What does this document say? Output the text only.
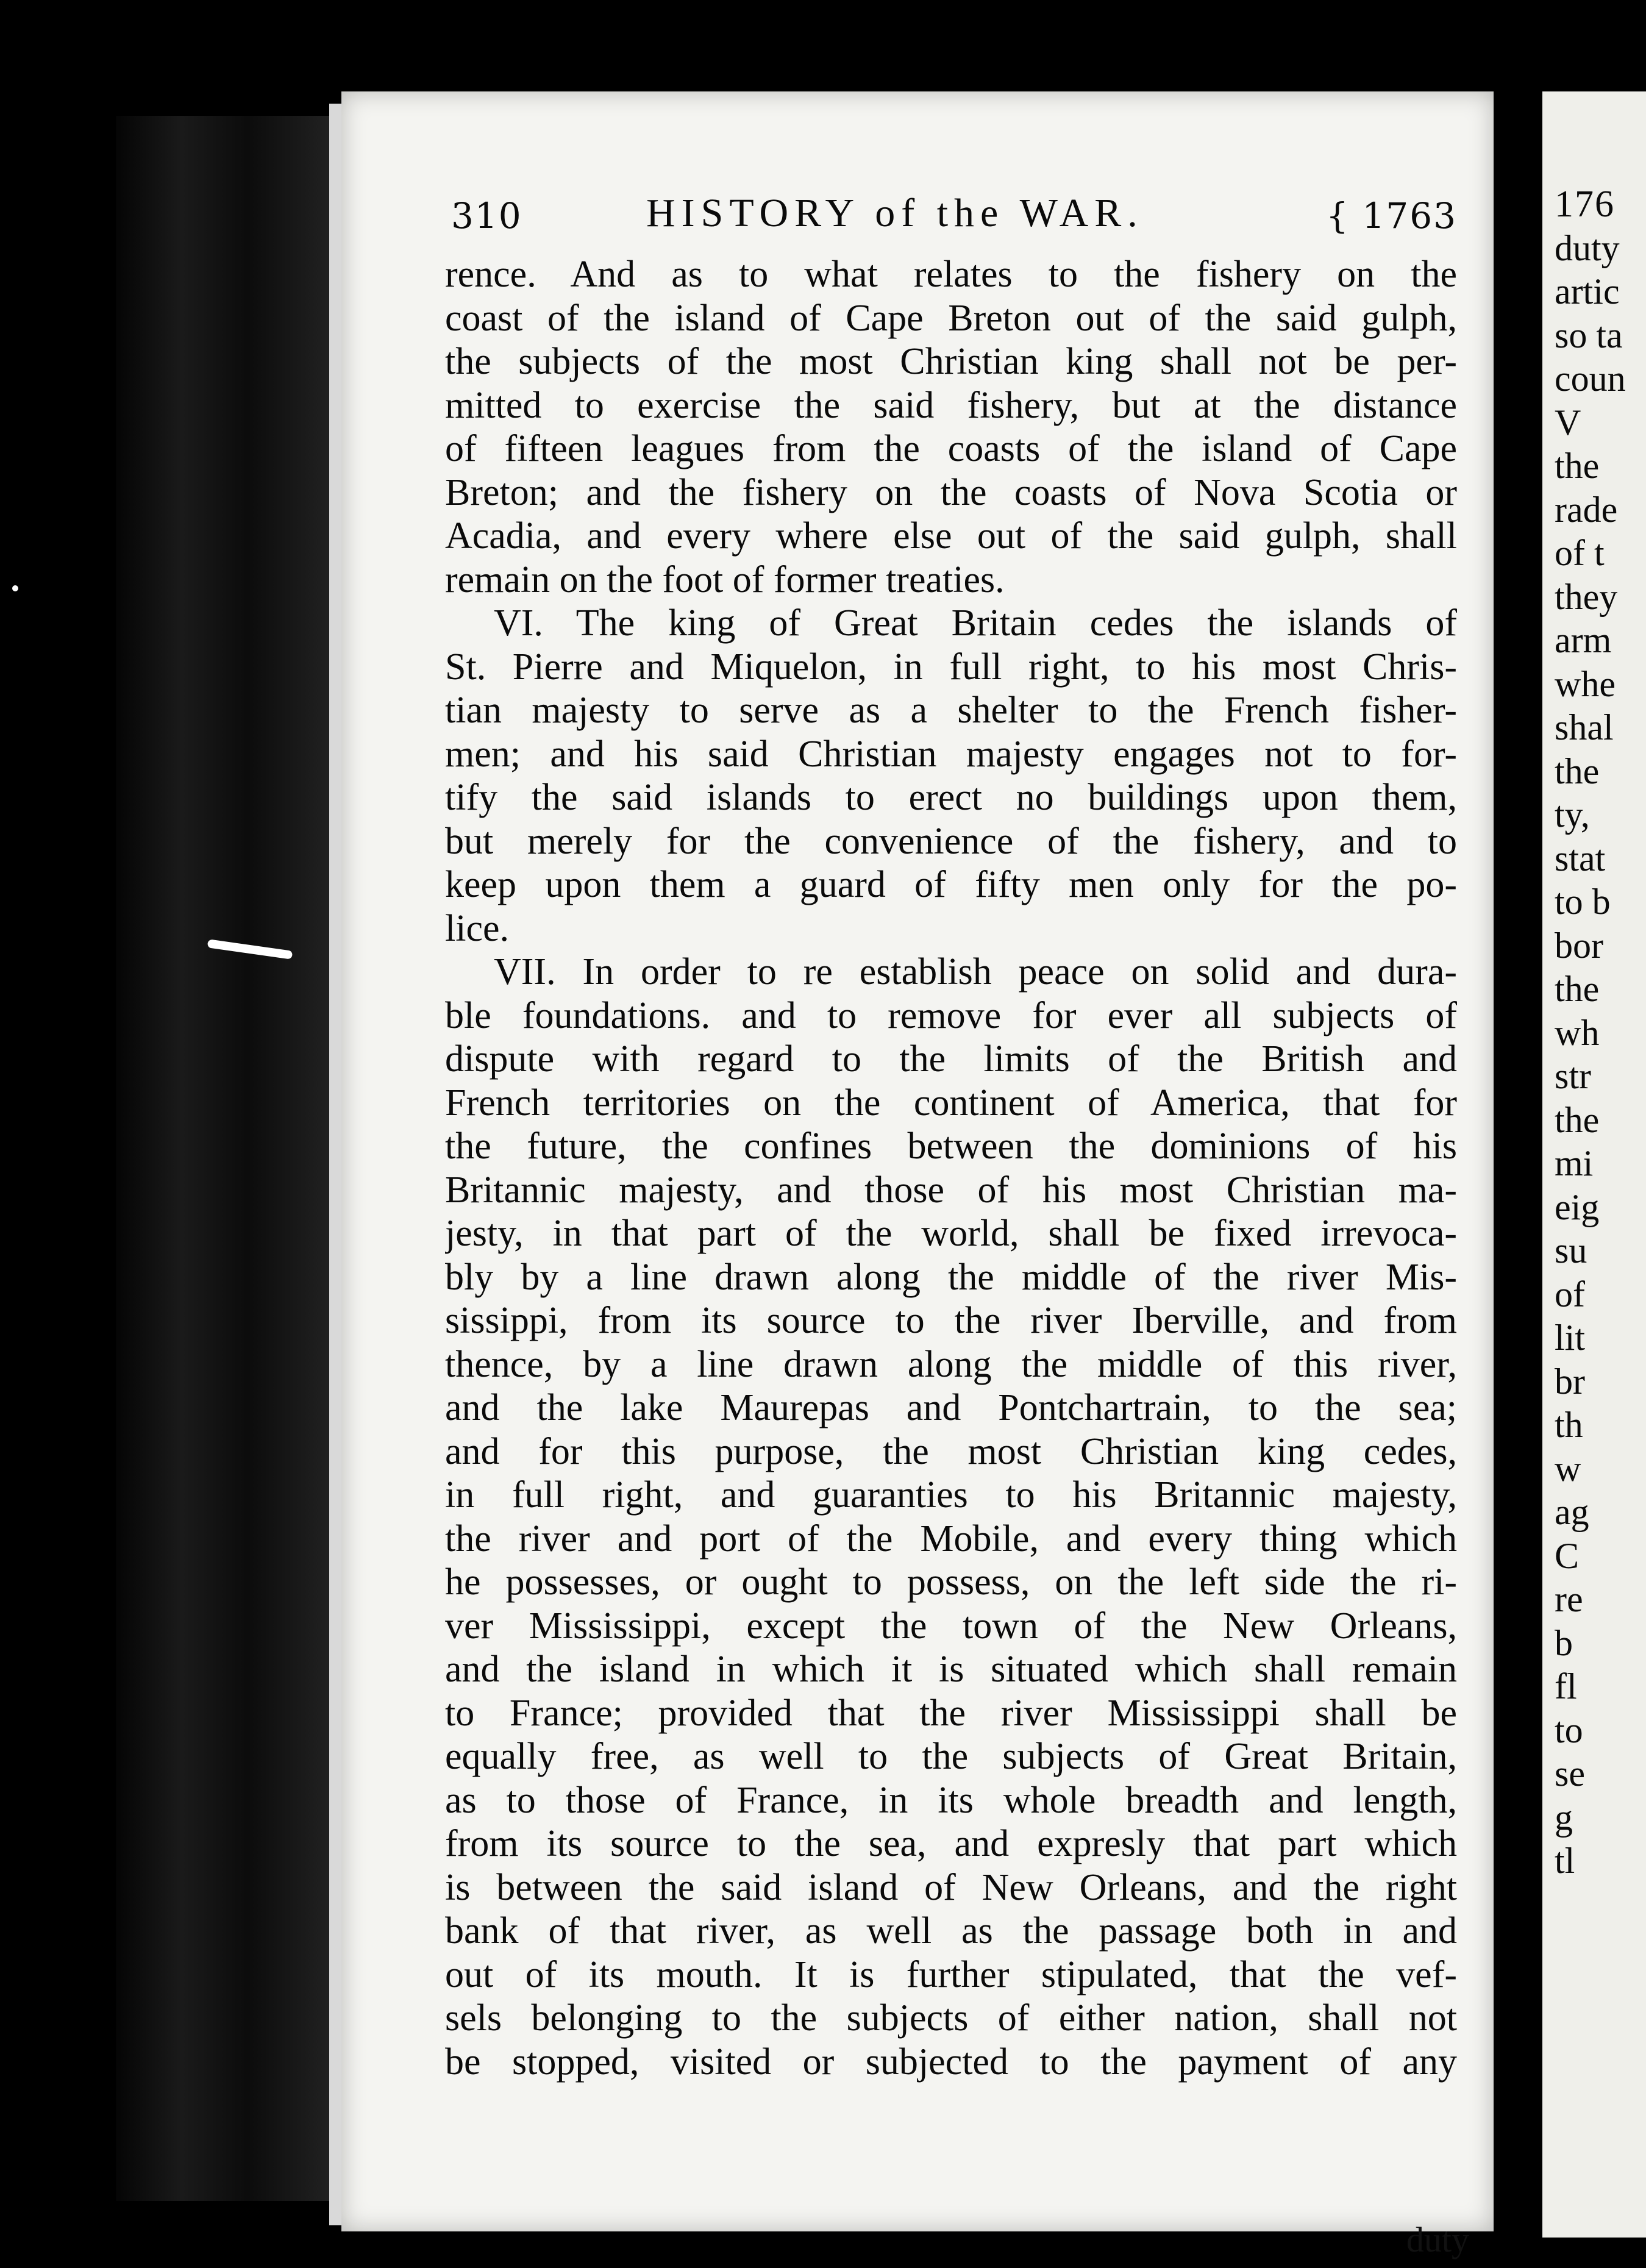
310	HISTORY of the WAR.	{ 1763
rence. And as to what relates to the fishery on the
coast of the island of Cape Breton out of the said gulph,
the subjects of the most Christian king shall not be per-
mitted to exercise the said fishery, but at the distance
of fifteen leagues from the coasts of the island of Cape
Breton; and the fishery on the coasts of Nova Scotia or
Acadia, and every where else out of the said gulph, shall
remain on the foot of former treaties.
VI. The king of Great Britain cedes the islands of
St. Pierre and Miquelon, in full right, to his most Chris-
tian majesty to serve as a shelter to the French fisher-
men; and his said Christian majesty engages not to for-
tify the said islands to erect no buildings upon them,
but merely for the convenience of the fishery, and to
keep upon them a guard of fifty men only for the po-
lice.
VII. In order to re establish peace on solid and dura-
ble foundations. and to remove for ever all subjects of
dispute with regard to the limits of the British and
French territories on the continent of America, that for
the future, the confines between the dominions of his
Britannic majesty, and those of his most Christian ma-
jesty, in that part of the world, shall be fixed irrevoca-
bly by a line drawn along the middle of the river Mis-
sissippi, from its source to the river Iberville, and from
thence, by a line drawn along the middle of this river,
and the lake Maurepas and Pontchartrain, to the sea;
and for this purpose, the most Christian king cedes,
in full right, and guaranties to his Britannic majesty,
the river and port of the Mobile, and every thing which
he possesses, or ought to possess, on the left side the ri-
ver Mississippi, except the town of the New Orleans,
and the island in which it is situated which shall remain
to France; provided that the river Mississippi shall be
equally free, as well to the subjects of Great Britain,
as to those of France, in its whole breadth and length,
from its source to the sea, and expresly that part which
is between the said island of New Orleans, and the right
bank of that river, as well as the passage both in and
out of its mouth. It is further stipulated, that the vef-
sels belonging to the subjects of either nation, shall not
be stopped, visited or subjected to the payment of any
duty
176
duty
artic
so ta
coun
V
the
rade
of t
they
arm
whe
shal
the
ty,
stat
to b
bor
the
wh
str
the
mi
eig
su
of
lit
br
th
w
ag
C
re
b
fl
to
se
g
tl
